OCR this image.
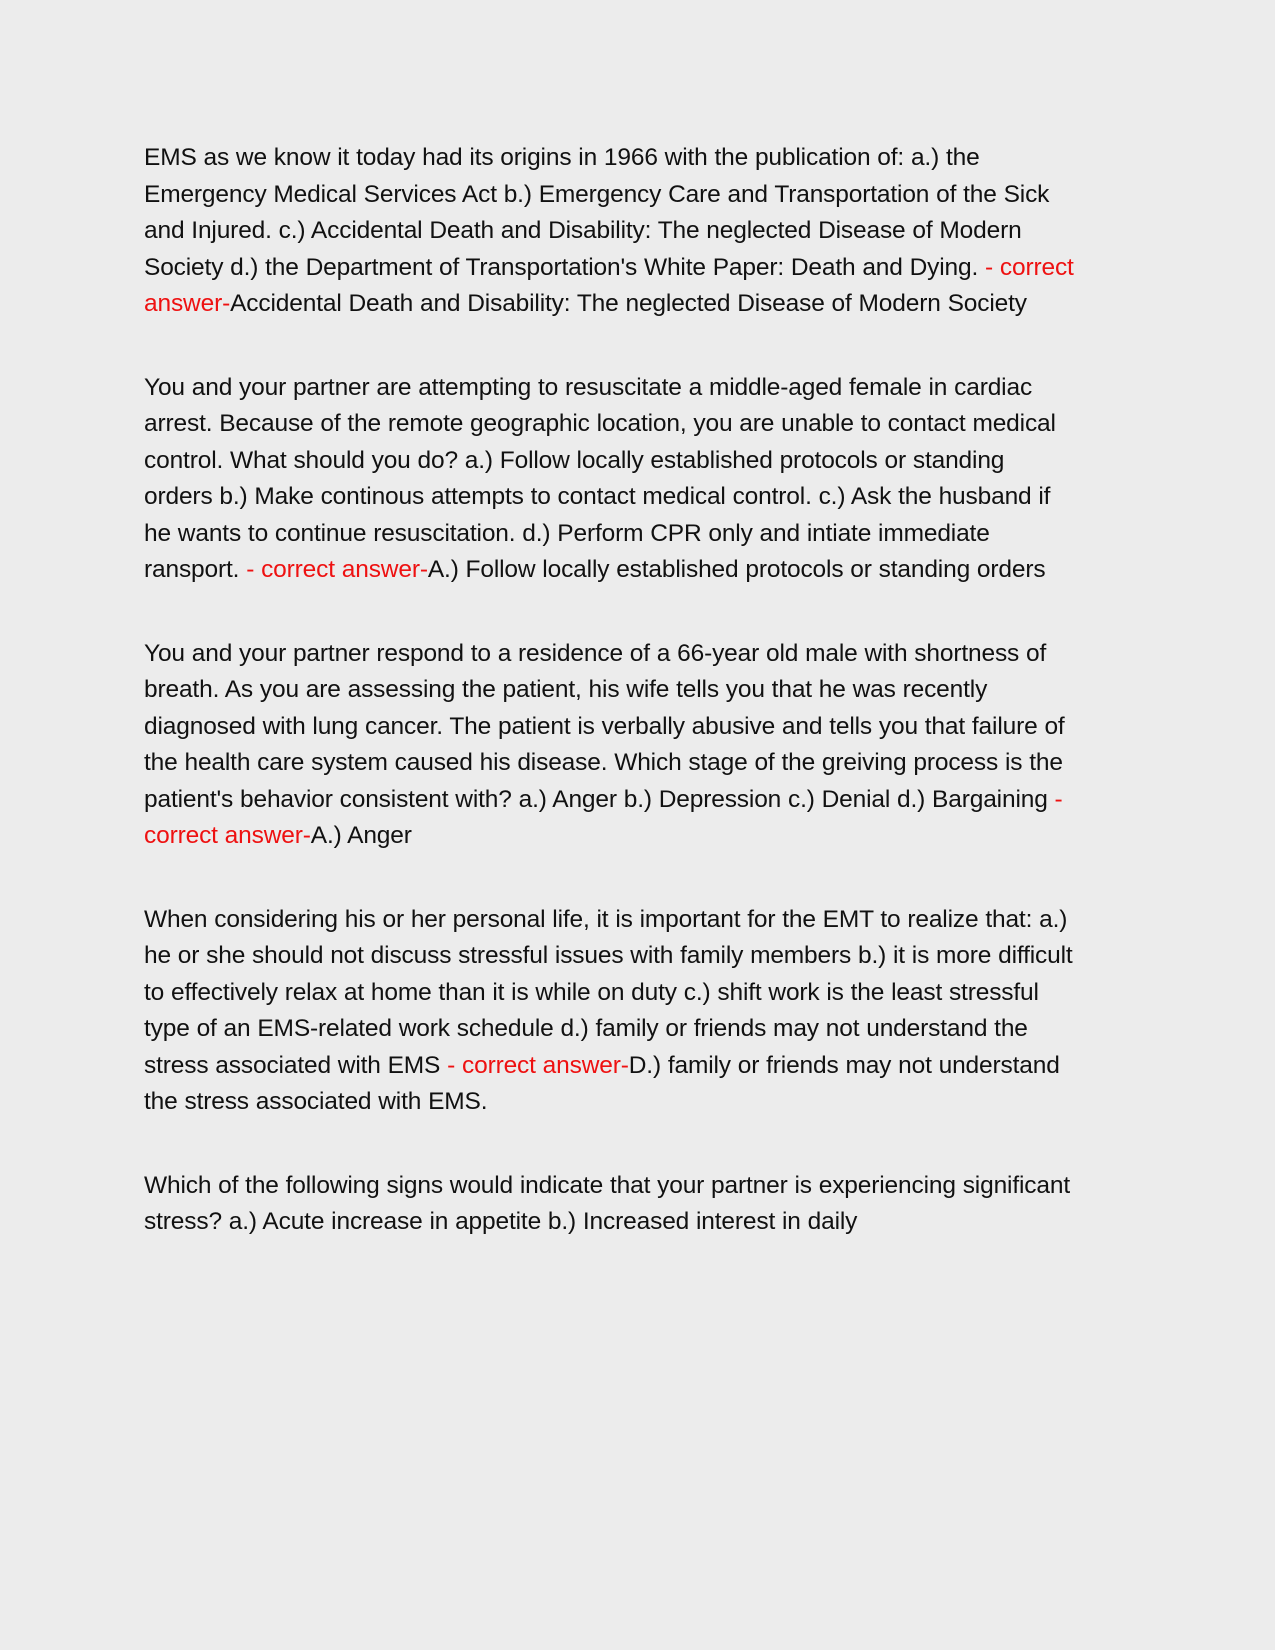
EMS as we know it today had its origins in 1966 with the publication of: a.) the Emergency Medical Services Act b.) Emergency Care and Transportation of the Sick and Injured. c.) Accidental Death and Disability: The neglected Disease of Modern Society d.) the Department of Transportation's White Paper: Death and Dying. - correct answer-Accidental Death and Disability: The neglected Disease of Modern Society

You and your partner are attempting to resuscitate a middle-aged female in cardiac arrest. Because of the remote geographic location, you are unable to contact medical control. What should you do? a.) Follow locally established protocols or standing orders b.) Make continous attempts to contact medical control. c.) Ask the husband if he wants to continue resuscitation. d.) Perform CPR only and intiate immediate ransport. - correct answer-A.) Follow locally established protocols or standing orders

You and your partner respond to a residence of a 66-year old male with shortness of breath. As you are assessing the patient, his wife tells you that he was recently diagnosed with lung cancer. The patient is verbally abusive and tells you that failure of the health care system caused his disease. Which stage of the greiving process is the patient's behavior consistent with? a.) Anger b.) Depression c.) Denial d.) Bargaining - correct answer-A.) Anger

When considering his or her personal life, it is important for the EMT to realize that: a.) he or she should not discuss stressful issues with family members b.) it is more difficult to effectively relax at home than it is while on duty c.) shift work is the least stressful type of an EMS-related work schedule d.) family or friends may not understand the stress associated with EMS - correct answer-D.) family or friends may not understand the stress associated with EMS.

Which of the following signs would indicate that your partner is experiencing significant stress? a.) Acute increase in appetite b.) Increased interest in daily
